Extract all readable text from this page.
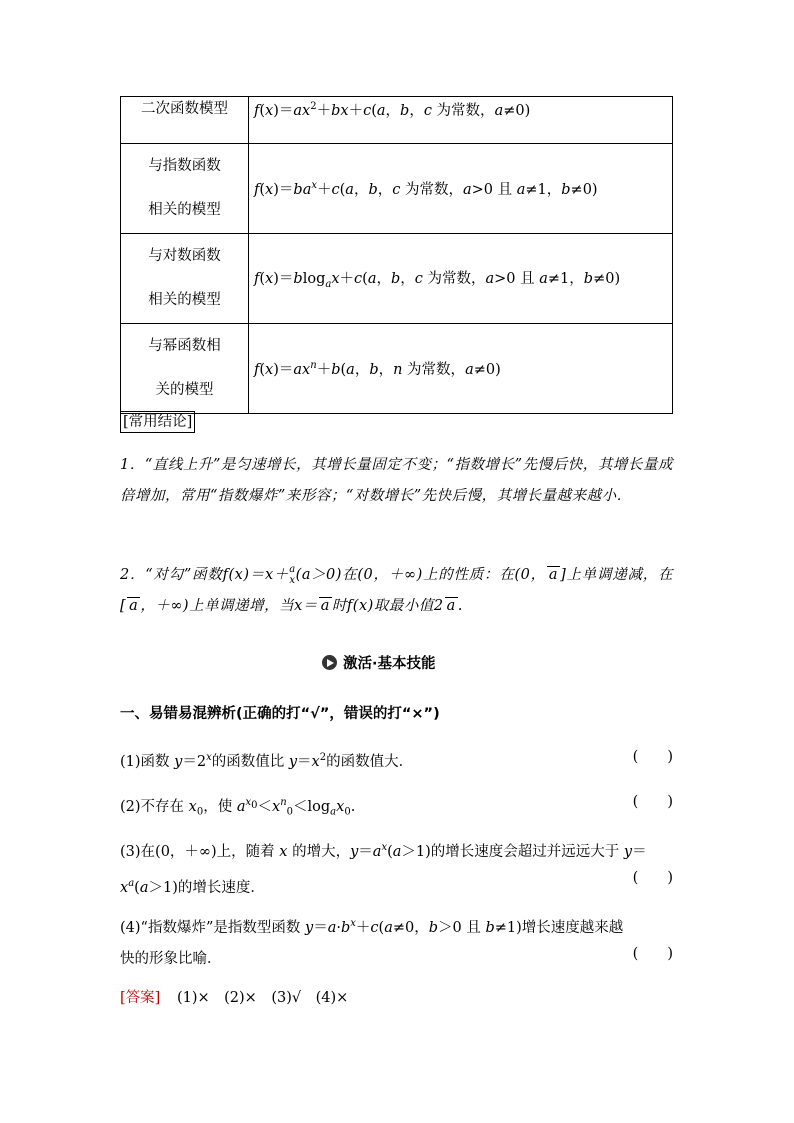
二次函数模型	$f(x)=ax^2+bx+c(a$，b，c 为常数，a≠0)

与指数函数
相关的模型	$f(x)=ba^x+c(a$，b，c 为常数，a>0 且 a≠1，b≠0)

与对数函数
相关的模型	f(x)＝blog$_a$x＋c(a，b，c 为常数，a>0 且 a≠1，b≠0)

与幂函数相
关的模型	$f(x)=ax^n+b(a$，b，n 为常数，a≠0)
[常用结论]
1．“直线上升”是匀速增长，其增长量固定不变；“指数增长”先慢后快，其增长量成倍增加，常用“指数爆炸”来形容；“对数增长”先快后慢，其增长量越来越小．
2．“对勾”函数f(x)＝x＋ a
x (a＞0)在(0，＋∞)上的性质：在(0， a ]上单调递减，在[ a ，＋∞)上单调递增，当x＝ a 时f(x)取最小值2 a .
激活·基本技能
一、易错易混辨析(正确的打“√”，错误的打“×”)
(1)函数 $y=2^x$的函数值比 $y=x^2$的函数值大．	(　　)
(2)不存在 $x_0$，使 $a^{x_0}<x^n_0<\log_ax_0$.	(　　)
(3)在(0，＋∞)上，随着 x 的增大，$y=a^x(a>1)$的增长速度会超过并远远大于 y＝
$x^a(a>1)$的增长速度．
(　　)
(4)“指数爆炸”是指数型函数 $y=a\cdot b^x+c(a\ne 0$，b＞0 且 b≠1)增长速度越来越
快的形象比喻．	(　　)
[答案] (1)×　(2)×　(3)√　(4)×
